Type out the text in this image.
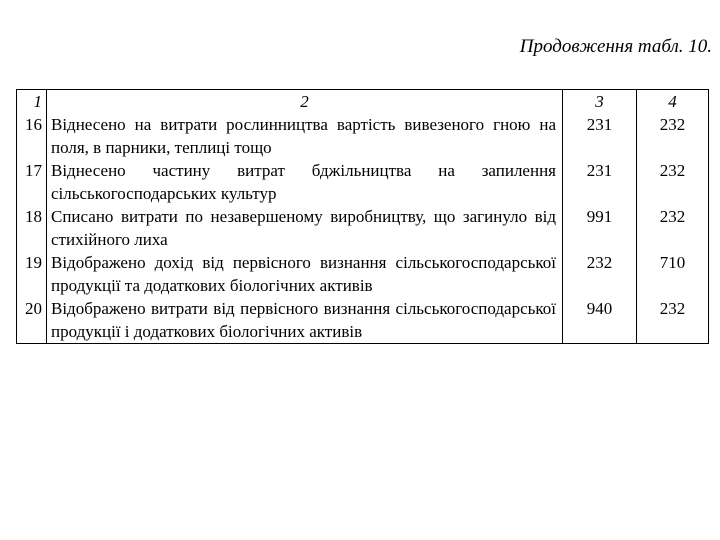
Продовження табл. 10.
1	2	3	4
16	Віднесено на витрати рослинництва вартість вивезеного гною на поля, в парники, теплиці тощо	231	232
17	Віднесено частину витрат бджільництва на запилення сільськогосподарських культур	231	232
18	Списано витрати по незавершеному виробництву, що загинуло від стихійного лиха	991	232
19	Відображено дохід від первісного визнання сільськогосподарської продукції та додаткових біологічних активів	232	710
20	Відображено витрати від первісного визнання сільськогосподарської продукції і додаткових біологічних активів	940	232
